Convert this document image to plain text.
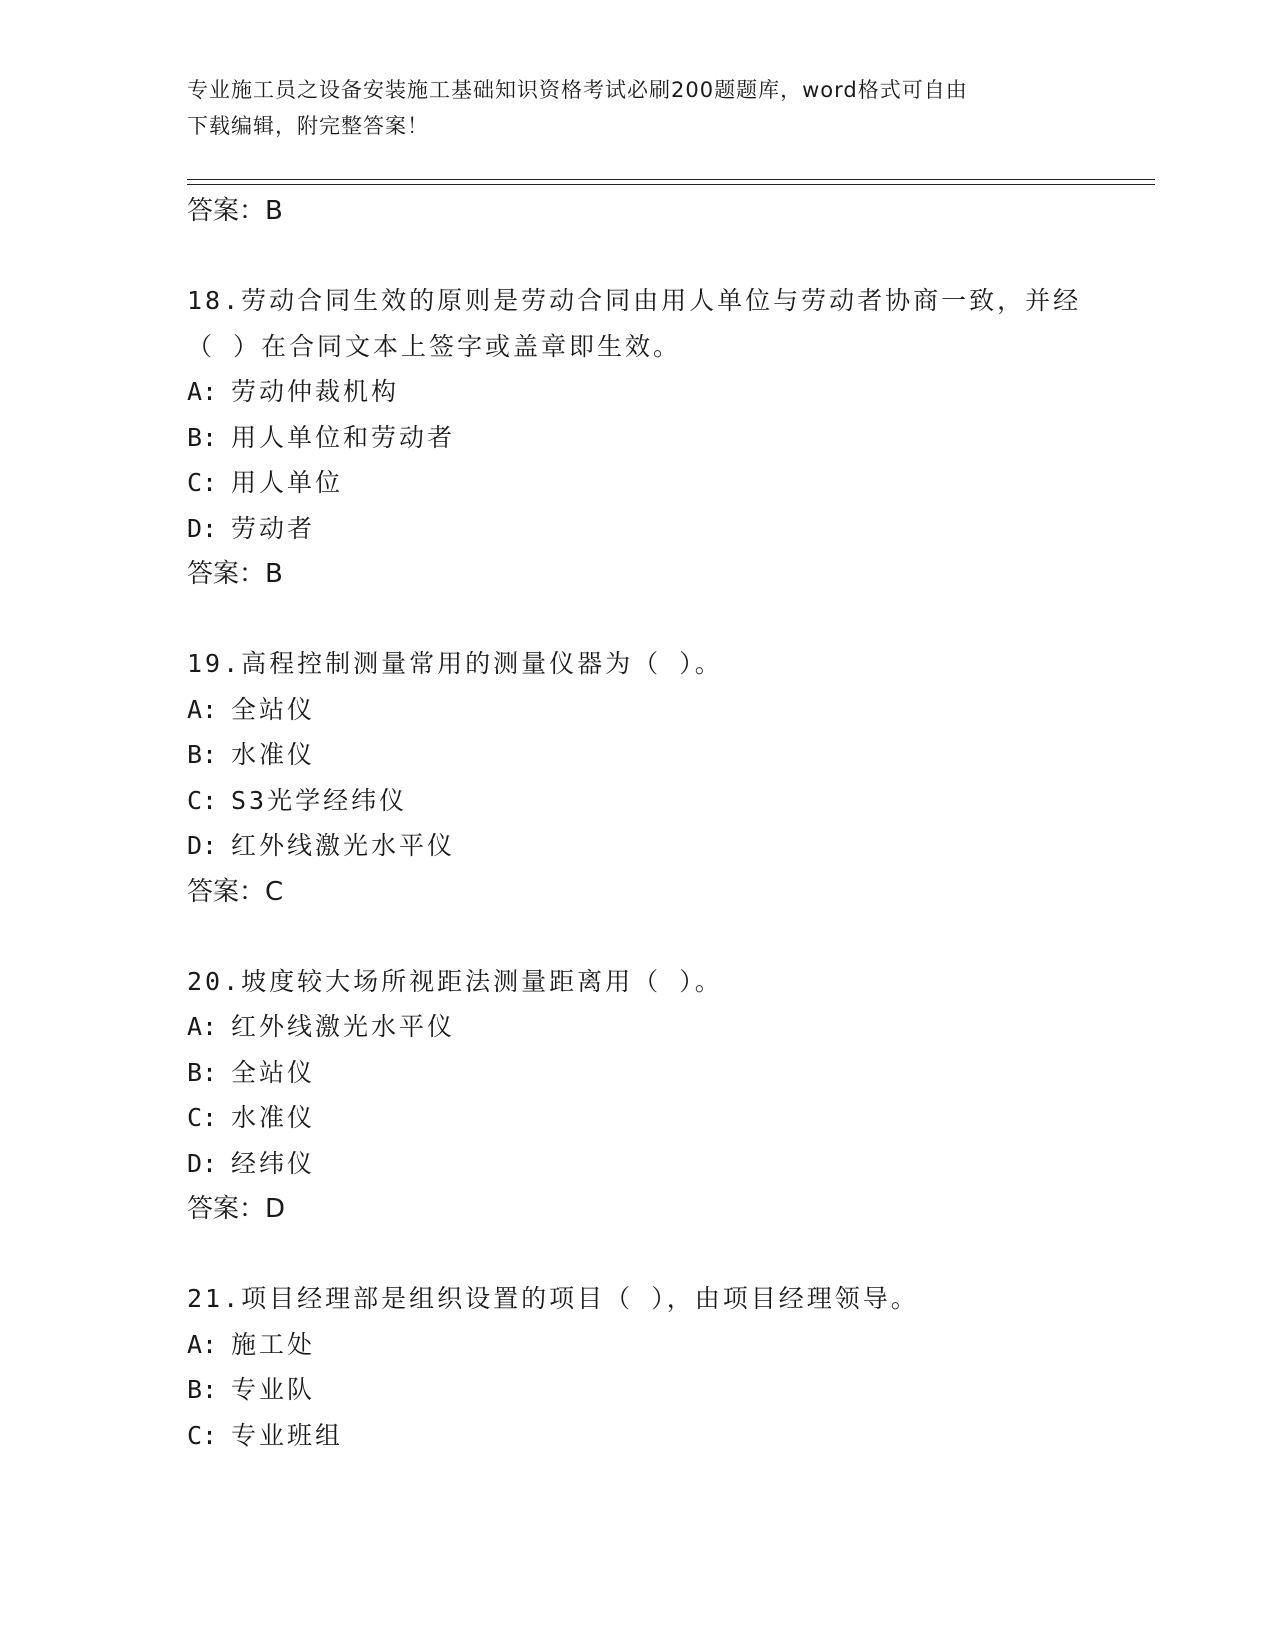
专业施工员之设备安装施工基础知识资格考试必刷200题题库，word格式可自由
下载编辑，附完整答案！
答案：B
18.劳动合同生效的原则是劳动合同由用人单位与劳动者协商一致，并经（ ）在合同文本上签字或盖章即生效。
A: 劳动仲裁机构
B: 用人单位和劳动者
C: 用人单位
D: 劳动者
答案：B
19.高程控制测量常用的测量仪器为（ ）。
A: 全站仪
B: 水准仪
C: S3光学经纬仪
D: 红外线激光水平仪
答案：C
20.坡度较大场所视距法测量距离用（ ）。
A: 红外线激光水平仪
B: 全站仪
C: 水准仪
D: 经纬仪
答案：D
21.项目经理部是组织设置的项目（ ），由项目经理领导。
A: 施工处
B: 专业队
C: 专业班组
